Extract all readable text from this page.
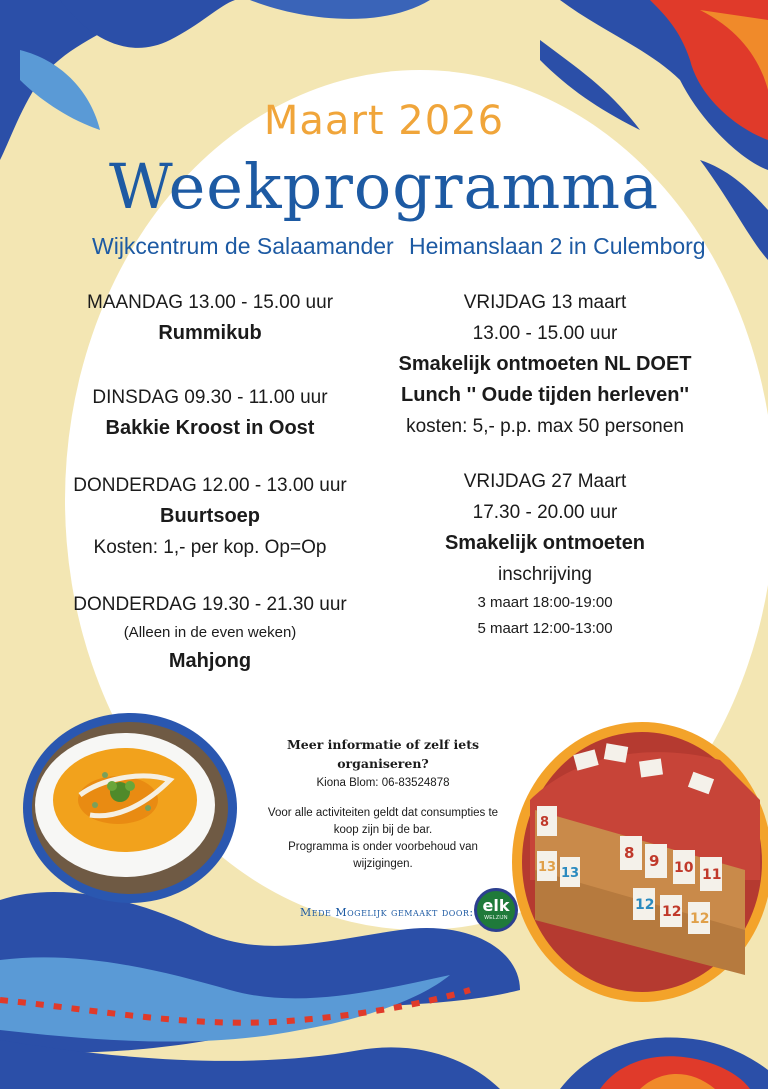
8
8 9 10 11
13 13
12 12 12
Maart 2026
Weekprogramma
Wijkcentrum de Salaamander Heimanslaan 2 in Culemborg
MAANDAG 13.00 - 15.00 uur
Rummikub
DINSDAG 09.30 - 11.00 uur
Bakkie Kroost in Oost
DONDERDAG 12.00 - 13.00 uur
Buurtsoep
Kosten: 1,- per kop. Op=Op
DONDERDAG 19.30 - 21.30 uur
(Alleen in de even weken)
Mahjong
VRIJDAG 13 maart
13.00 - 15.00 uur
Smakelijk ontmoeten NL DOET
Lunch '' Oude tijden herleven''
kosten: 5,- p.p. max 50 personen
VRIJDAG 27 Maart
17.30 - 20.00 uur
Smakelijk ontmoeten
inschrijving
3 maart 18:00-19:00
5 maart 12:00-13:00
Meer informatie of zelf iets
organiseren?
Kiona Blom: 06-83524878
Voor alle activiteiten geldt dat consumpties te
koop zijn bij de bar.
Programma is onder voorbehoud van
wijzigingen.
Mede Mogelijk gemaakt door: elk
WELZIJN
